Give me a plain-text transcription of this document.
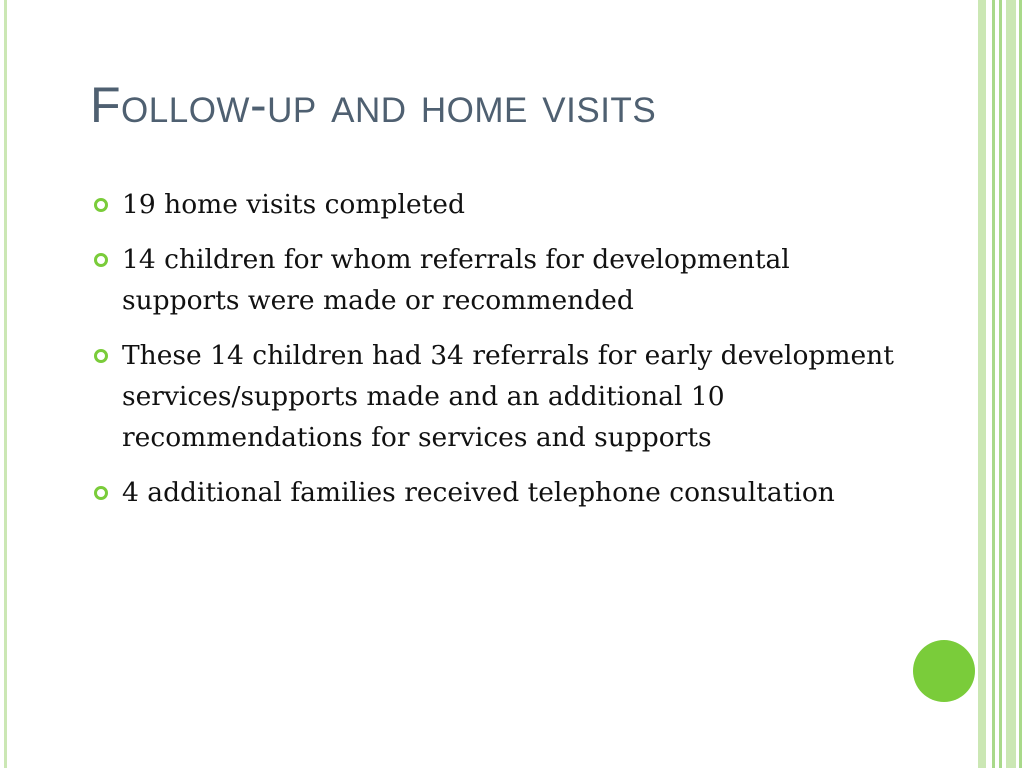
Follow-up and home visits
19 home visits completed
14 children for whom referrals for developmental supports were made or recommended
These 14 children had 34 referrals for early development services/supports made and an additional 10 recommendations for services and supports
4 additional families received telephone consultation
